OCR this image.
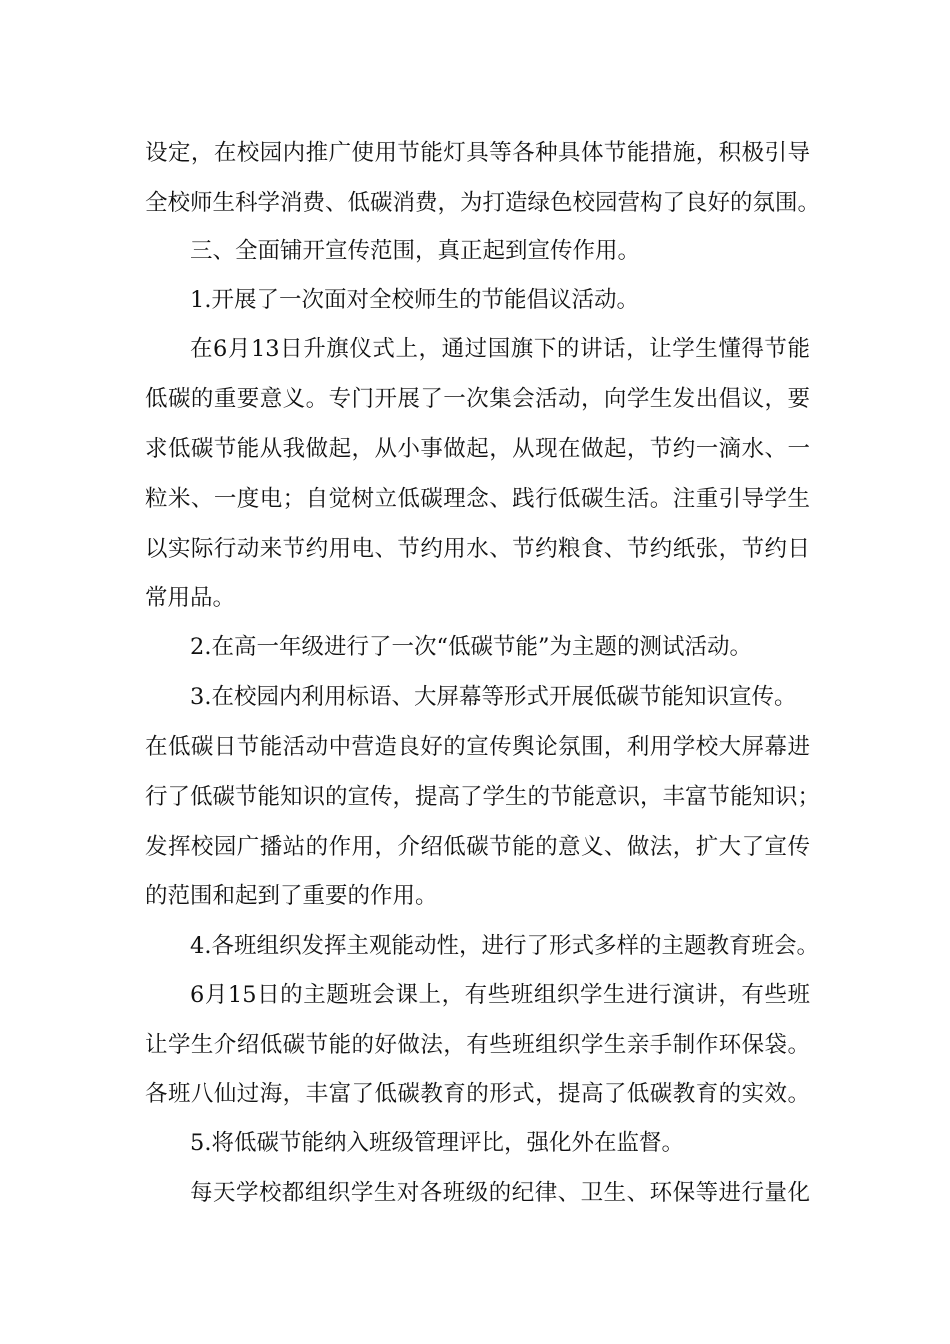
设定，在校园内推广使用节能灯具等各种具体节能措施，积极引导
全校师生科学消费、低碳消费，为打造绿色校园营构了良好的氛围。
三、全面铺开宣传范围，真正起到宣传作用。
1.开展了一次面对全校师生的节能倡议活动。
在6月13日升旗仪式上，通过国旗下的讲话，让学生懂得节能
低碳的重要意义。专门开展了一次集会活动，向学生发出倡议，要
求低碳节能从我做起，从小事做起，从现在做起，节约一滴水、一
粒米、一度电；自觉树立低碳理念、践行低碳生活。注重引导学生
以实际行动来节约用电、节约用水、节约粮食、节约纸张，节约日
常用品。
2.在高一年级进行了一次“低碳节能”为主题的测试活动。
3.在校园内利用标语、大屏幕等形式开展低碳节能知识宣传。
在低碳日节能活动中营造良好的宣传舆论氛围，利用学校大屏幕进
行了低碳节能知识的宣传，提高了学生的节能意识，丰富节能知识；
发挥校园广播站的作用，介绍低碳节能的意义、做法，扩大了宣传
的范围和起到了重要的作用。
4.各班组织发挥主观能动性，进行了形式多样的主题教育班会。
6月15日的主题班会课上，有些班组织学生进行演讲，有些班
让学生介绍低碳节能的好做法，有些班组织学生亲手制作环保袋。
各班八仙过海，丰富了低碳教育的形式，提高了低碳教育的实效。
5.将低碳节能纳入班级管理评比，强化外在监督。
每天学校都组织学生对各班级的纪律、卫生、环保等进行量化
